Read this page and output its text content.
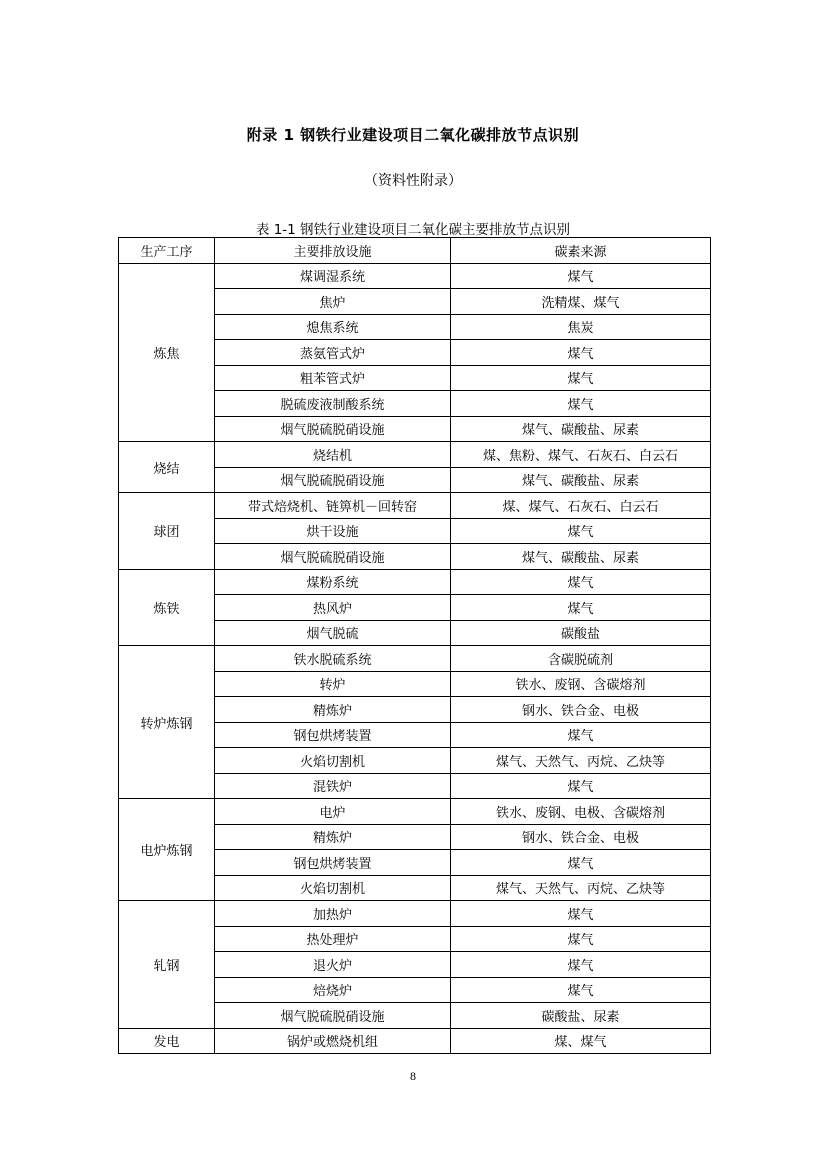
附录 1 钢铁行业建设项目二氧化碳排放节点识别
（资料性附录）
表 1-1 钢铁行业建设项目二氧化碳主要排放节点识别
生产工序	主要排放设施	碳素来源
炼焦	煤调湿系统	煤气
	焦炉	洗精煤、煤气
	熄焦系统	焦炭
	蒸氨管式炉	煤气
	粗苯管式炉	煤气
	脱硫废液制酸系统	煤气
	烟气脱硫脱硝设施	煤气、碳酸盐、尿素
烧结	烧结机	煤、焦粉、煤气、石灰石、白云石
	烟气脱硫脱硝设施	煤气、碳酸盐、尿素
球团	带式焙烧机、链箅机－回转窑	煤、煤气、石灰石、白云石
	烘干设施	煤气
	烟气脱硫脱硝设施	煤气、碳酸盐、尿素
炼铁	煤粉系统	煤气
	热风炉	煤气
	烟气脱硫	碳酸盐
转炉炼钢	铁水脱硫系统	含碳脱硫剂
	转炉	铁水、废钢、含碳熔剂
	精炼炉	钢水、铁合金、电极
	钢包烘烤装置	煤气
	火焰切割机	煤气、天然气、丙烷、乙炔等
	混铁炉	煤气
电炉炼钢	电炉	铁水、废钢、电极、含碳熔剂
	精炼炉	钢水、铁合金、电极
	钢包烘烤装置	煤气
	火焰切割机	煤气、天然气、丙烷、乙炔等
轧钢	加热炉	煤气
	热处理炉	煤气
	退火炉	煤气
	焙烧炉	煤气
	烟气脱硫脱硝设施	碳酸盐、尿素
发电	锅炉或燃烧机组	煤、煤气
8
